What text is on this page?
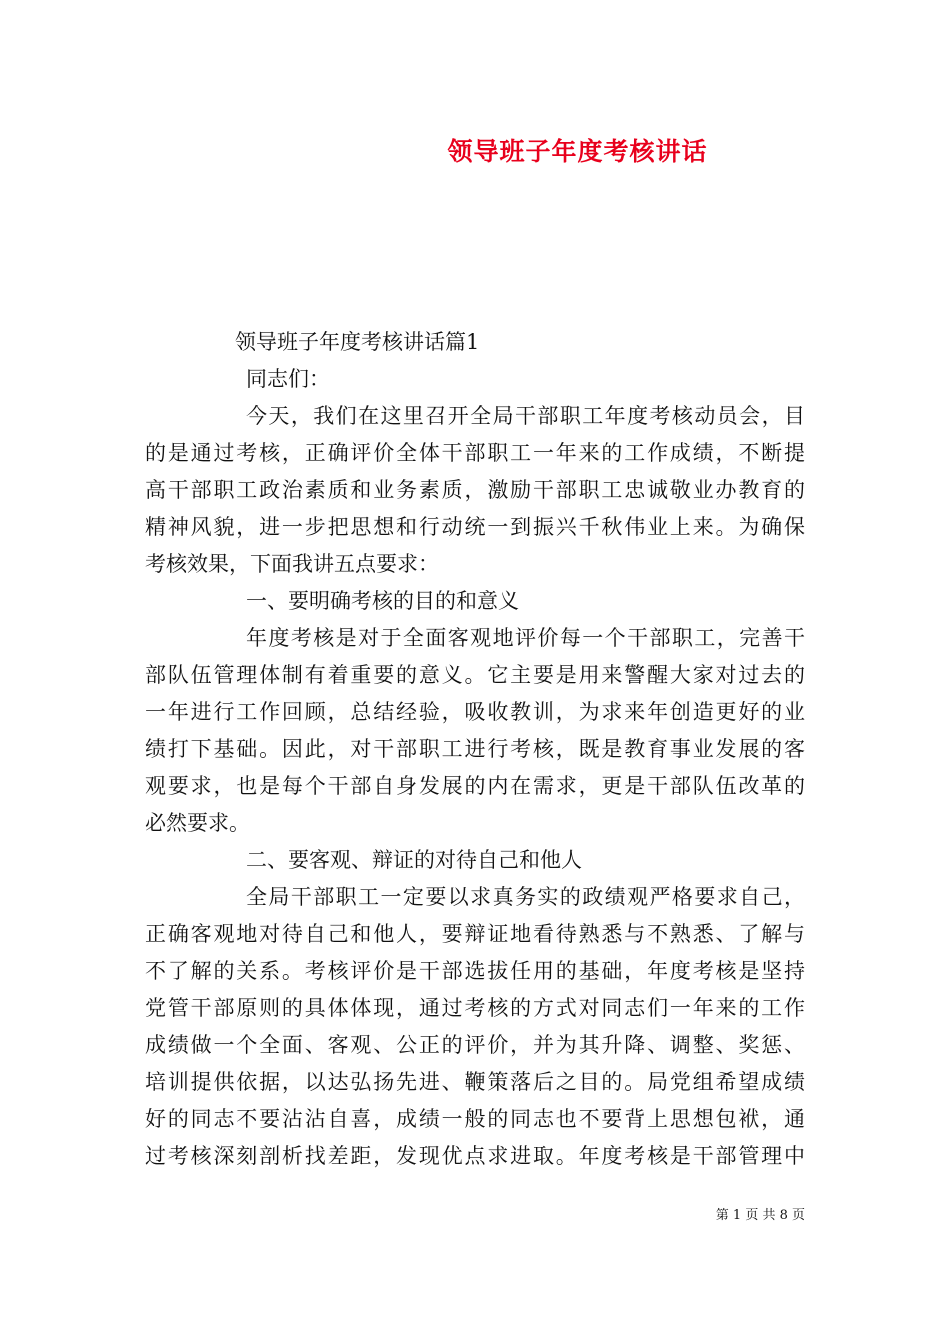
领导班子年度考核讲话
领导班子年度考核讲话篇1
同志们：
今天，我们在这里召开全局干部职工年度考核动员会，目
的是通过考核，正确评价全体干部职工一年来的工作成绩，不断提
高干部职工政治素质和业务素质，激励干部职工忠诚敬业办教育的
精神风貌，进一步把思想和行动统一到振兴千秋伟业上来。为确保
考核效果，下面我讲五点要求：
一、要明确考核的目的和意义
年度考核是对于全面客观地评价每一个干部职工，完善干
部队伍管理体制有着重要的意义。它主要是用来警醒大家对过去的
一年进行工作回顾，总结经验，吸收教训，为求来年创造更好的业
绩打下基础。因此，对干部职工进行考核，既是教育事业发展的客
观要求，也是每个干部自身发展的内在需求，更是干部队伍改革的
必然要求。
二、要客观、辩证的对待自己和他人
全局干部职工一定要以求真务实的政绩观严格要求自己，
正确客观地对待自己和他人，要辩证地看待熟悉与不熟悉、了解与
不了解的关系。考核评价是干部选拔任用的基础，年度考核是坚持
党管干部原则的具体体现，通过考核的方式对同志们一年来的工作
成绩做一个全面、客观、公正的评价，并为其升降、调整、奖惩、
培训提供依据，以达弘扬先进、鞭策落后之目的。局党组希望成绩
好的同志不要沾沾自喜，成绩一般的同志也不要背上思想包袱，通
过考核深刻剖析找差距，发现优点求进取。年度考核是干部管理中
第 1 页 共 8 页
